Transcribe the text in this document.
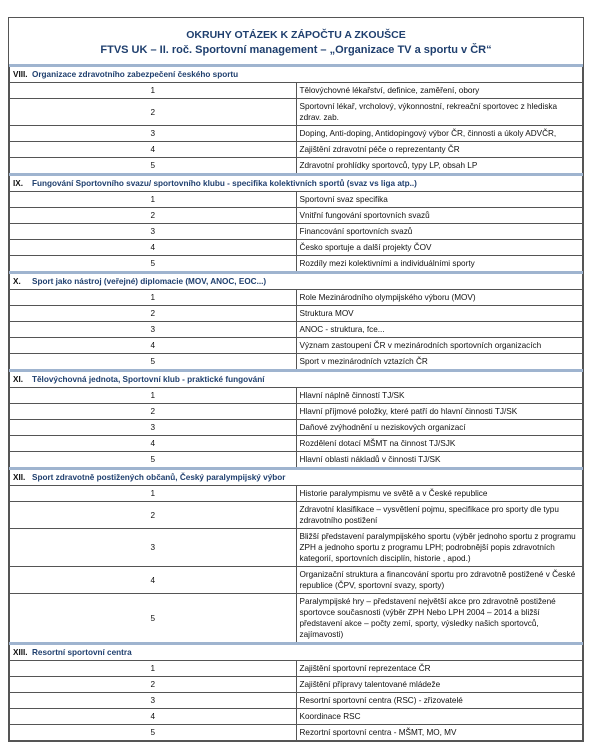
OKRUHY OTÁZEK K ZÁPOČTU A ZKOUŠCE
FTVS UK – II. roč. Sportovní management – „Organizace TV a sportu v ČR“
VIII. Organizace zdravotního zabezpečení českého sportu	
1	Tělovýchovné lékařství, definice, zaměření, obory
2	Sportovní lékař, vrcholový, výkonnostní, rekreační sportovec z hlediska zdrav. zab.
3	Doping, Anti-doping, Antidopingový výbor ČR, činnosti a úkoly ADVČR,
4	Zajištění zdravotní péče o reprezentanty ČR
5	Zdravotní prohlídky sportovců, typy LP, obsah LP
IX. Fungování Sportovního svazu/ sportovního klubu - specifika kolektivních sportů (svaz vs liga atp..)	
1	Sportovní svaz specifika
2	Vnitřní fungování sportovních svazů
3	Financování sportovních svazů
4	Česko sportuje a další projekty ČOV
5	Rozdíly mezi kolektivními a individuálními sporty
X. Sport jako nástroj (veřejné) diplomacie (MOV, ANOC, EOC...)	
1	Role Mezinárodního olympijského výboru (MOV)
2	Struktura MOV
3	ANOC - struktura, fce...
4	Význam zastoupení ČR v mezinárodních sportovních organizacích
5	Sport v mezinárodních vztazích ČR
XI. Tělovýchovná jednota, Sportovní klub - praktické fungování	
1	Hlavní náplně činností TJ/SK
2	Hlavní příjmové položky, které patří do hlavní činnosti TJ/SK
3	Daňové zvýhodnění u neziskových organizací
4	Rozdělení dotací MŠMT na činnost TJ/SJK
5	Hlavní oblasti nákladů v činnosti TJ/SK
XII. Sport zdravotně postižených občanů, Český paralympijský výbor	
1	Historie paralympismu ve světě a v České republice
2	Zdravotní klasifikace – vysvětlení pojmu, specifikace pro sporty dle typu zdravotního postižení
3	Bližší představení paralympijského sportu (výběr jednoho sportu z programu ZPH a jednoho sportu z programu LPH; podrobnější popis zdravotních kategorií, sportovních disciplín, historie , apod.)
4	Organizační struktura a financování sportu pro zdravotně postižené v České republice (ČPV, sportovní svazy, sporty)
5	Paralympijské hry – představení největší akce pro zdravotně postižené sportovce současnosti (výběr ZPH Nebo LPH 2004 – 2014 a bližší představení akce – počty zemí, sporty, výsledky našich sportovců, zajímavosti)
XIII. Resortní sportovní centra	
1	Zajištění sportovní reprezentace ČR
2	Zajištění přípravy talentované mládeže
3	Resortní sportovní centra (RSC) - zřizovatelé
4	Koordinace RSC
5	Rezortní sportovní centra - MŠMT, MO, MV
